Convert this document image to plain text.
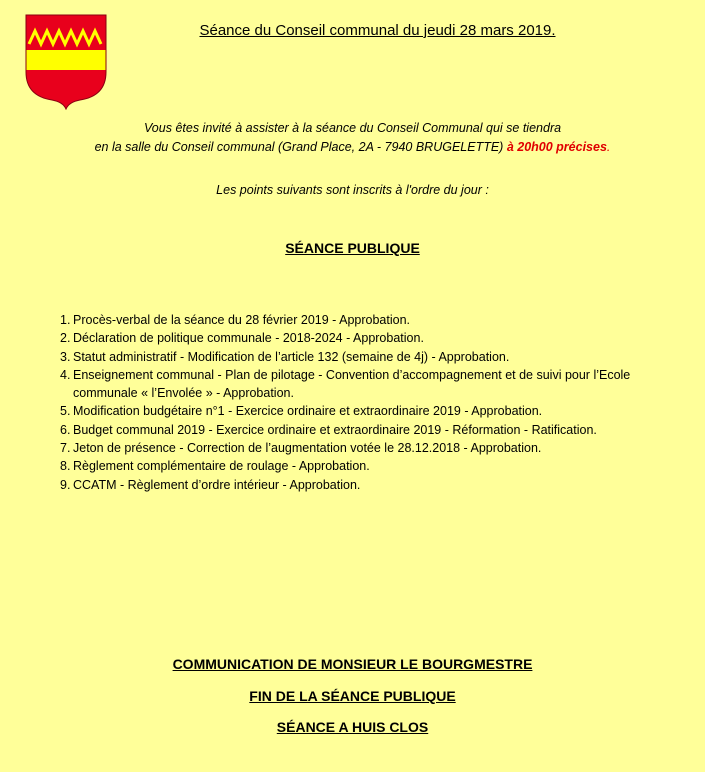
Séance du Conseil communal du jeudi 28 mars 2019.
Vous êtes invité à assister à la séance du Conseil Communal qui se tiendra
en la salle du Conseil communal (Grand Place, 2A - 7940 BRUGELETTE) à 20h00 précises.
Les points suivants sont inscrits à l'ordre du jour :
SÉANCE PUBLIQUE
1. Procès-verbal de la séance du 28 février 2019 - Approbation.
2. Déclaration de politique communale - 2018-2024 - Approbation.
3. Statut administratif - Modification de l’article 132 (semaine de 4j) - Approbation.
4. Enseignement communal - Plan de pilotage - Convention d’accompagnement et de suivi pour l’Ecole communale « l’Envolée » - Approbation.
5. Modification budgétaire n°1 - Exercice ordinaire et extraordinaire 2019 - Approbation.
6. Budget communal 2019 - Exercice ordinaire et extraordinaire 2019 - Réformation - Ratification.
7. Jeton de présence - Correction de l’augmentation votée le 28.12.2018 - Approbation.
8. Règlement complémentaire de roulage - Approbation.
9. CCATM - Règlement d’ordre intérieur - Approbation.
COMMUNICATION DE MONSIEUR LE BOURGMESTRE
FIN DE LA SÉANCE PUBLIQUE
SÉANCE A HUIS CLOS
